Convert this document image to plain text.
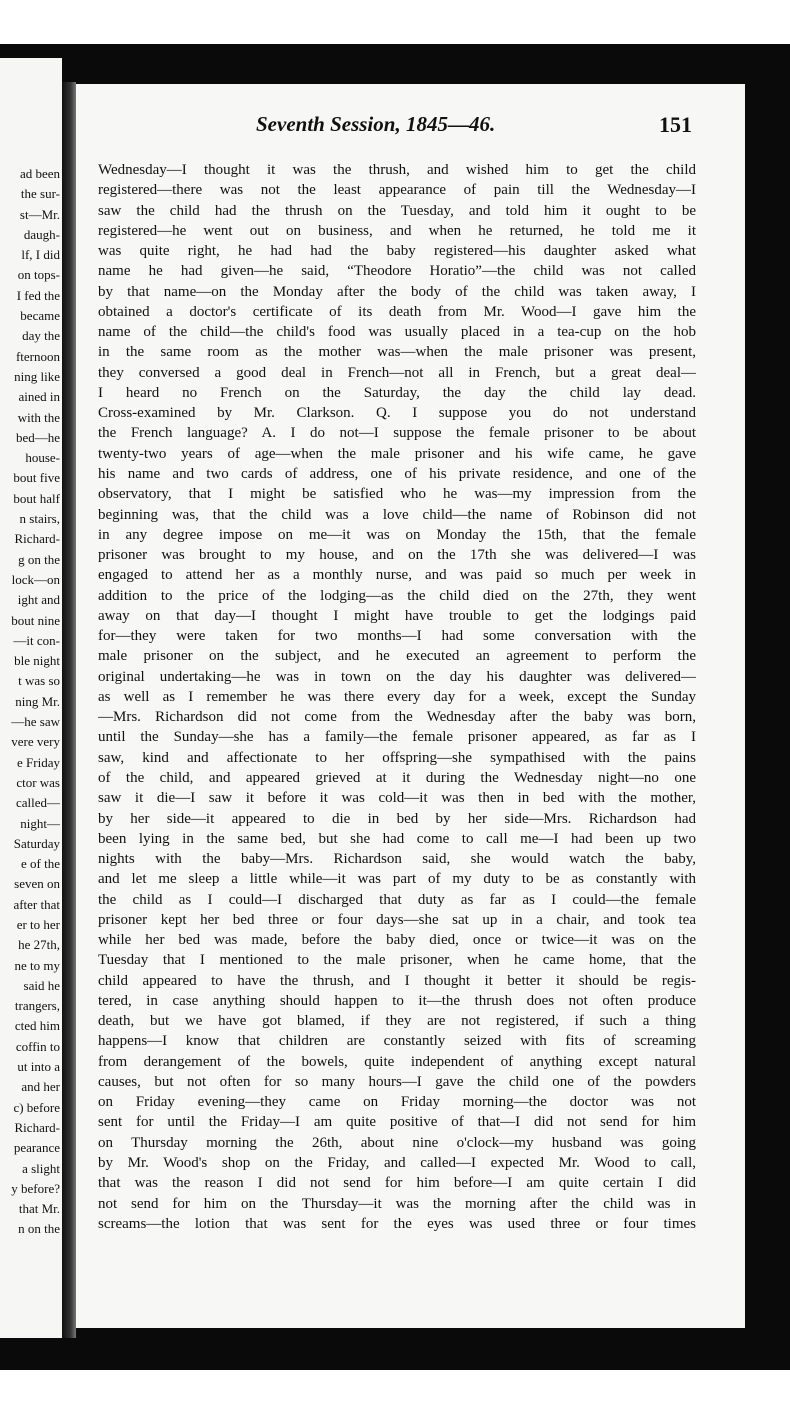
ad been
the sur-
st—Mr.
daugh-
lf, I did
on tops-
I fed the
became
day the
fternoon
ning like
ained in
with the
bed—he
house-
bout five
bout half
n stairs,
Richard-
g on the
lock—on
ight and
bout nine
—it con-
ble night
t was so
ning Mr.
—he saw
vere very
e Friday
ctor was
called—
night—
Saturday
e of the
seven on
after that
er to her
he 27th,
ne to my
said he
trangers,
cted him
coffin to
ut into a
and her
c) before
Richard-
pearance
a slight
y before?
that Mr.
n on the
Seventh Session, 1845—46.	151
Wednesday—I thought it was the thrush, and wished him to get the child
registered—there was not the least appearance of pain till the Wednesday—I
saw the child had the thrush on the Tuesday, and told him it ought to be
registered—he went out on business, and when he returned, he told me it
was quite right, he had had the baby registered—his daughter asked what
name he had given—he said, “Theodore Horatio”—the child was not called
by that name—on the Monday after the body of the child was taken away, I
obtained a doctor's certificate of its death from Mr. Wood—I gave him the
name of the child—the child's food was usually placed in a tea-cup on the hob
in the same room as the mother was—when the male prisoner was present,
they conversed a good deal in French—not all in French, but a great deal—
I heard no French on the Saturday, the day the child lay dead.
Cross-examined by Mr. Clarkson. Q. I suppose you do not understand
the French language? A. I do not—I suppose the female prisoner to be about
twenty-two years of age—when the male prisoner and his wife came, he gave
his name and two cards of address, one of his private residence, and one of the
observatory, that I might be satisfied who he was—my impression from the
beginning was, that the child was a love child—the name of Robinson did not
in any degree impose on me—it was on Monday the 15th, that the female
prisoner was brought to my house, and on the 17th she was delivered—I was
engaged to attend her as a monthly nurse, and was paid so much per week in
addition to the price of the lodging—as the child died on the 27th, they went
away on that day—I thought I might have trouble to get the lodgings paid
for—they were taken for two months—I had some conversation with the
male prisoner on the subject, and he executed an agreement to perform the
original undertaking—he was in town on the day his daughter was delivered—
as well as I remember he was there every day for a week, except the Sunday
—Mrs. Richardson did not come from the Wednesday after the baby was born,
until the Sunday—she has a family—the female prisoner appeared, as far as I
saw, kind and affectionate to her offspring—she sympathised with the pains
of the child, and appeared grieved at it during the Wednesday night—no one
saw it die—I saw it before it was cold—it was then in bed with the mother,
by her side—it appeared to die in bed by her side—Mrs. Richardson had
been lying in the same bed, but she had come to call me—I had been up two
nights with the baby—Mrs. Richardson said, she would watch the baby,
and let me sleep a little while—it was part of my duty to be as constantly with
the child as I could—I discharged that duty as far as I could—the female
prisoner kept her bed three or four days—she sat up in a chair, and took tea
while her bed was made, before the baby died, once or twice—it was on the
Tuesday that I mentioned to the male prisoner, when he came home, that the
child appeared to have the thrush, and I thought it better it should be regis-
tered, in case anything should happen to it—the thrush does not often produce
death, but we have got blamed, if they are not registered, if such a thing
happens—I know that children are constantly seized with fits of screaming
from derangement of the bowels, quite independent of anything except natural
causes, but not often for so many hours—I gave the child one of the powders
on Friday evening—they came on Friday morning—the doctor was not
sent for until the Friday—I am quite positive of that—I did not send for him
on Thursday morning the 26th, about nine o'clock—my husband was going
by Mr. Wood's shop on the Friday, and called—I expected Mr. Wood to call,
that was the reason I did not send for him before—I am quite certain I did
not send for him on the Thursday—it was the morning after the child was in
screams—the lotion that was sent for the eyes was used three or four times
